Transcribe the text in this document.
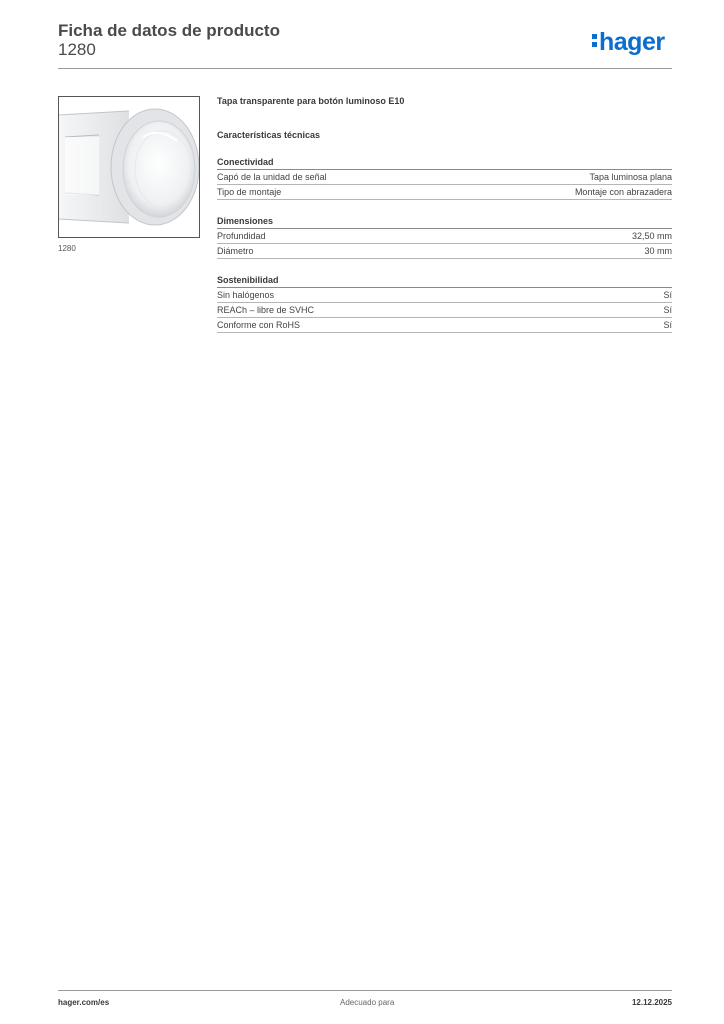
Ficha de datos de producto
1280	hager
1280
Tapa transparente para botón luminoso E10
Características técnicas
Conectividad
Capó de la unidad de señal	Tapa luminosa plana
Tipo de montaje	Montaje con abrazadera
Dimensiones
Profundidad	32,50 mm
Diámetro	30 mm
Sostenibilidad
Sin halógenos	Sí
REACh – libre de SVHC	Sí
Conforme con RoHS	Sí
hager.com/es	Adecuado para	12.12.2025
